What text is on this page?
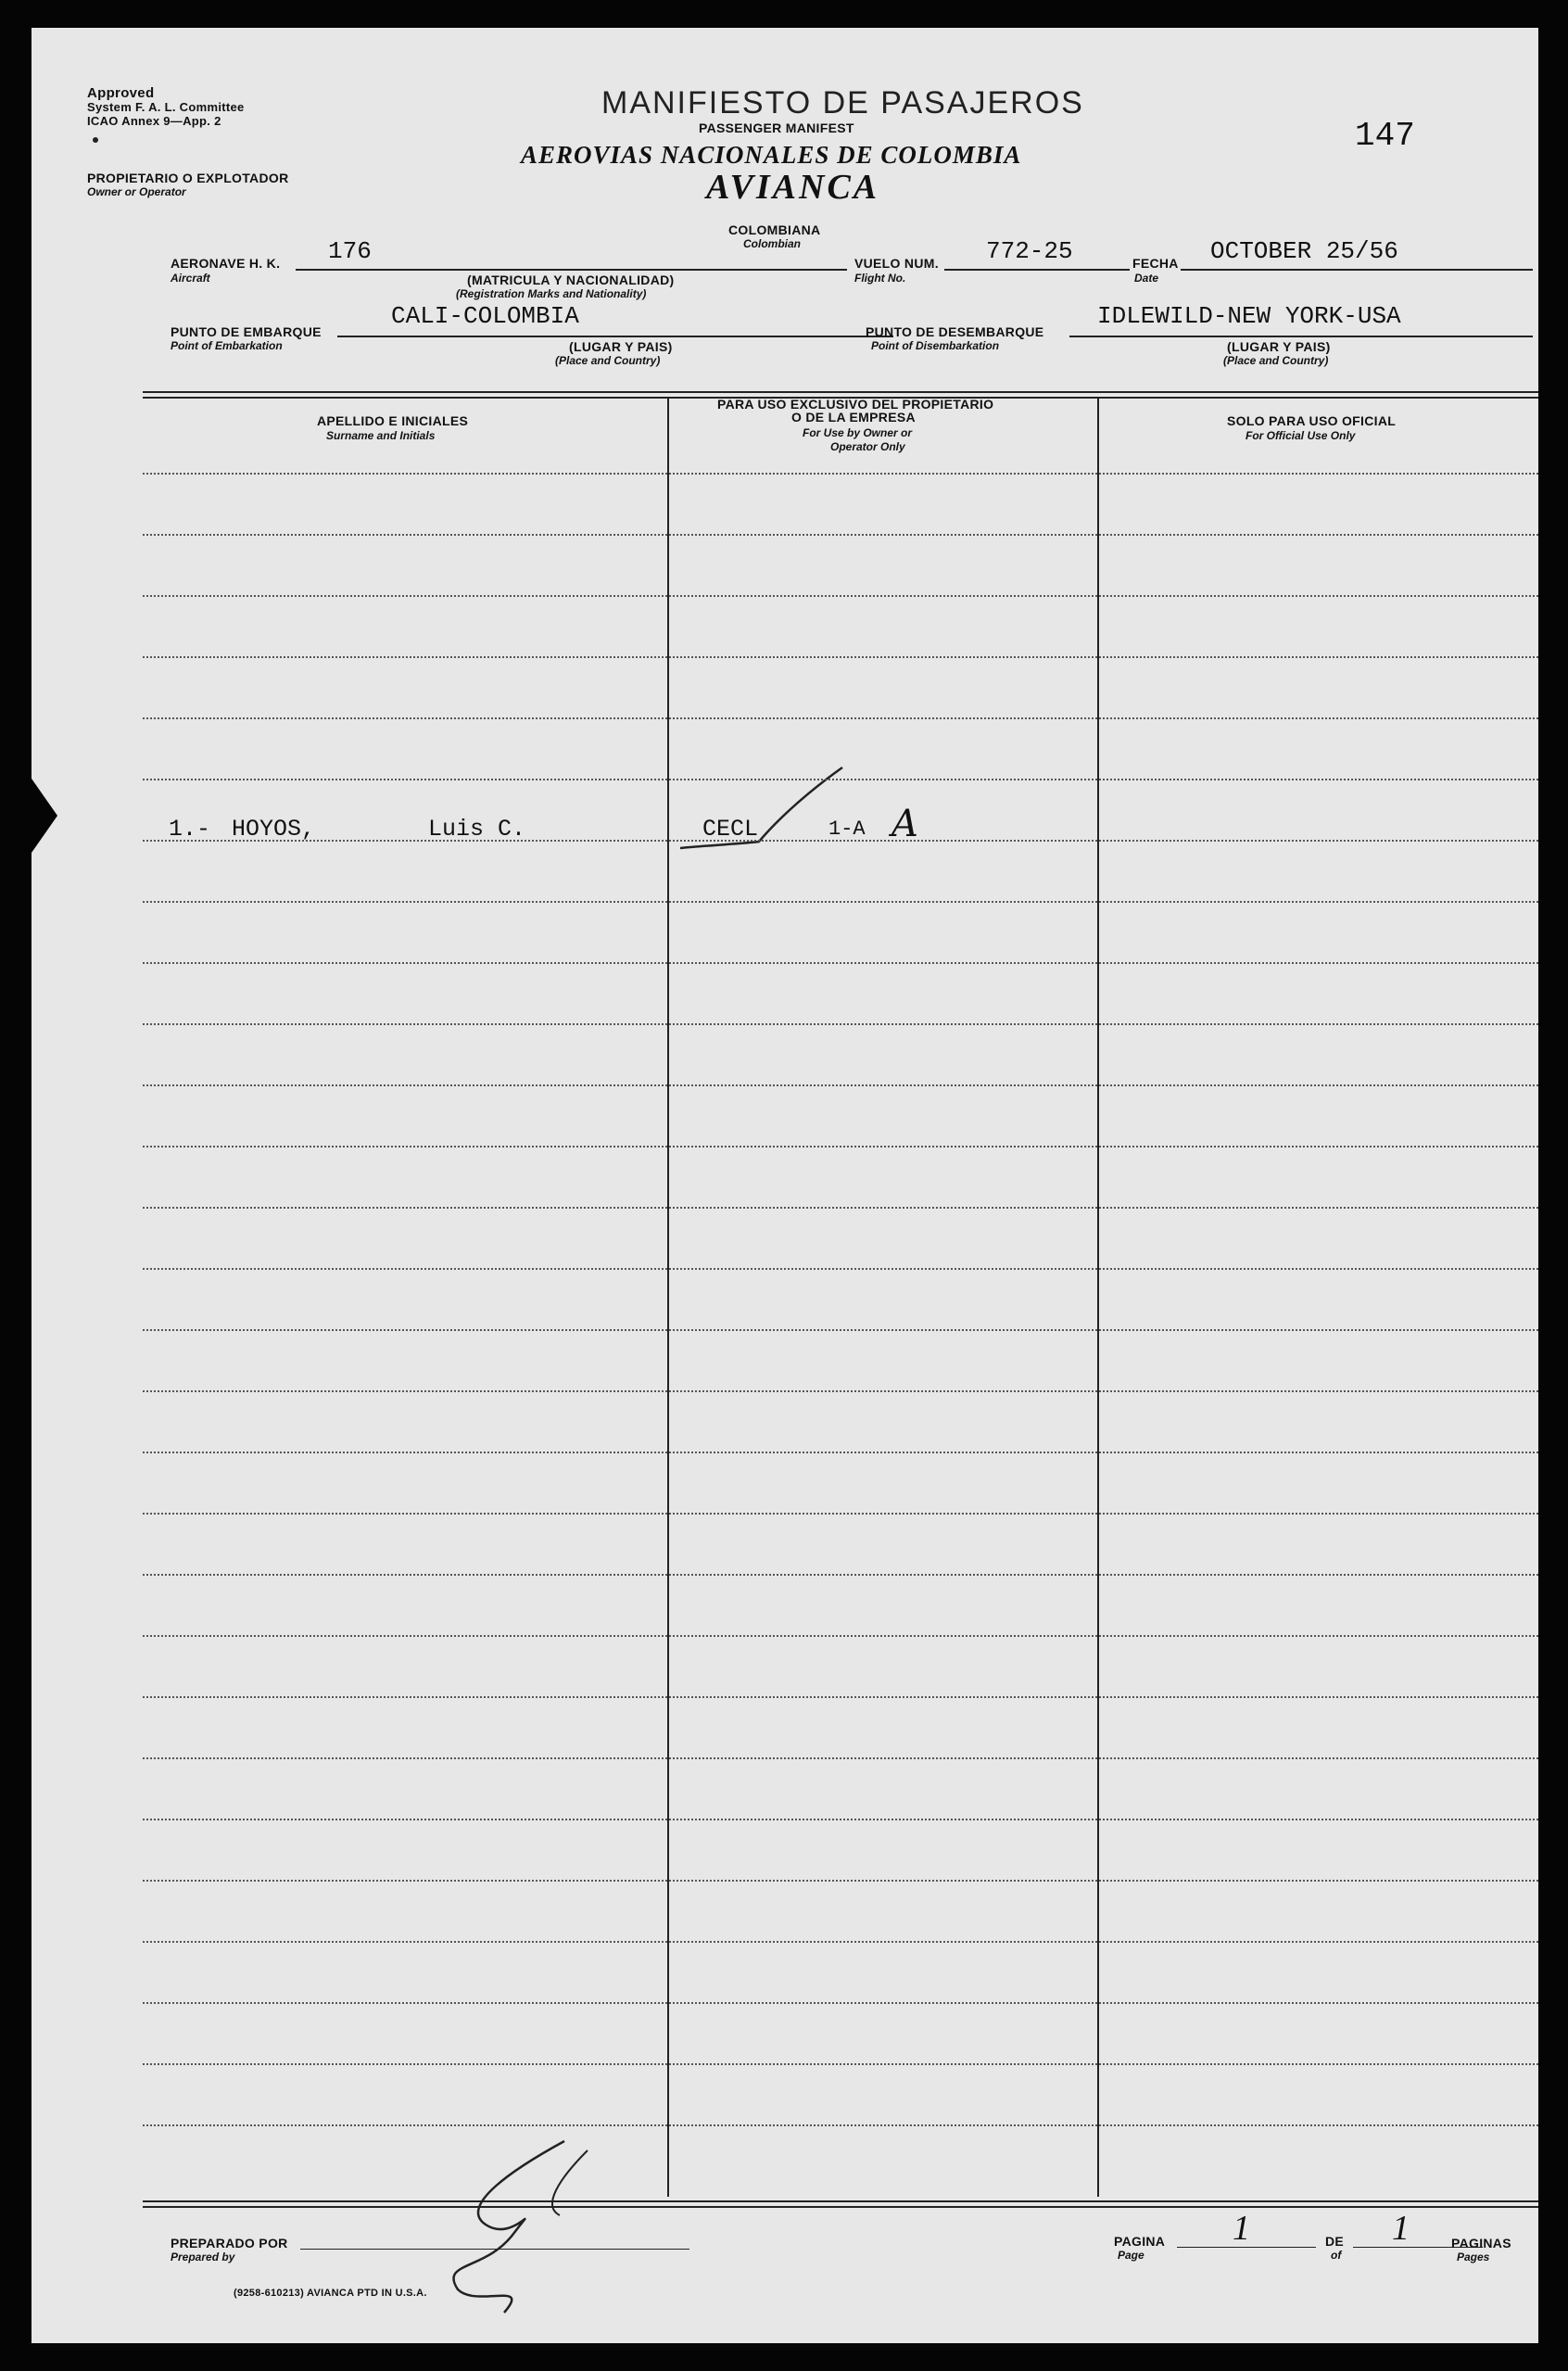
Approved
System F. A. L. Committee
ICAO Annex 9—App. 2
MANIFIESTO DE PASAJEROS
PASSENGER MANIFEST
AEROVIAS NACIONALES DE COLOMBIA
AVIANCA
147
PROPIETARIO O EXPLOTADOR
Owner or Operator
COLOMBIANA
Colombian
AERONAVE H. K.
Aircraft
176
(MATRICULA Y NACIONALIDAD)
(Registration Marks and Nationality)
VUELO NUM.
Flight No.
772-25	FECHA
Date
OCTOBER 25/56
PUNTO DE EMBARQUE
Point of Embarkation
CALI-COLOMBIA
(LUGAR Y PAIS)
(Place and Country)
PUNTO DE DESEMBARQUE
Point of Disembarkation
IDLEWILD-NEW YORK-USA
(LUGAR Y PAIS)
(Place and Country)
APELLIDO E INICIALES
Surname and Initials
PARA USO EXCLUSIVO DEL PROPIETARIO
O DE LA EMPRESA
For Use by Owner or
Operator Only
SOLO PARA USO OFICIAL
For Official Use Only
1.- HOYOS,	Luis C.	CECL	1-A A
PREPARADO POR
Prepared by
(9258-610213) AVIANCA PTD IN U.S.A.
PAGINA
Page
1	DE
of
1	PAGINAS
Pages
